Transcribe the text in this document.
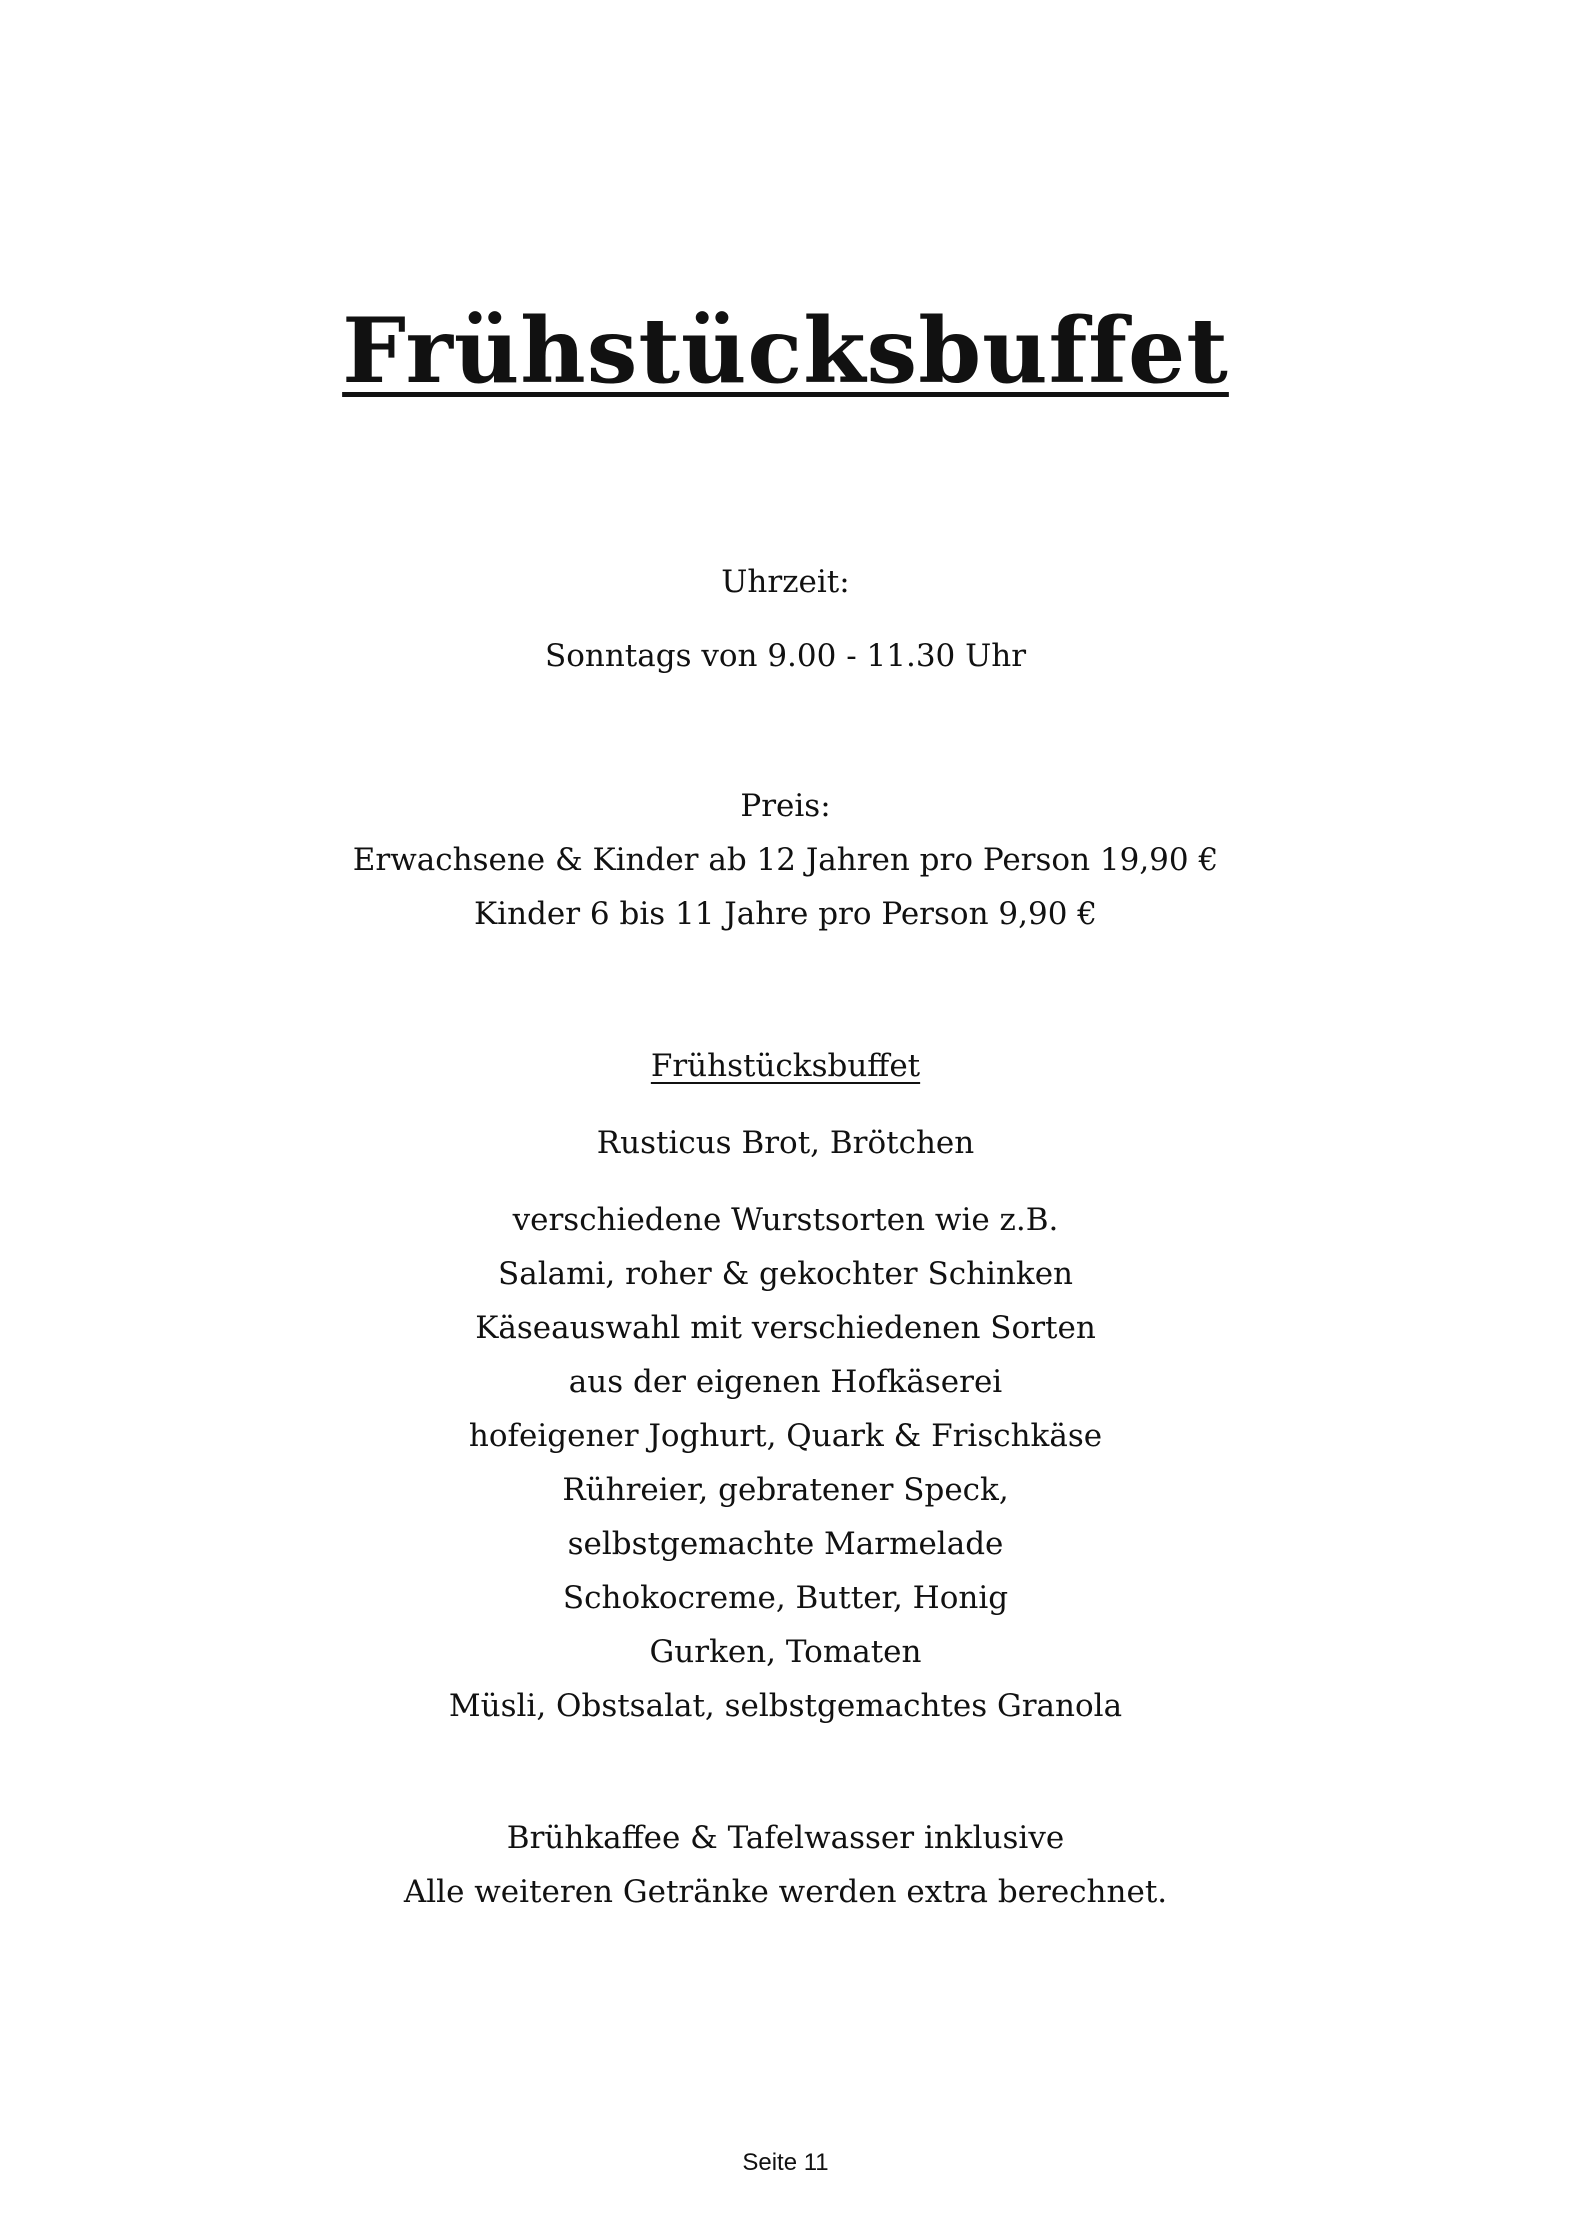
Frühstücksbuffet
Uhrzeit:
Sonntags von 9.00 - 11.30 Uhr
Preis:
Erwachsene & Kinder ab 12 Jahren pro Person 19,90 €
Kinder 6 bis 11 Jahre pro Person 9,90 €
Frühstücksbuffet
Rusticus Brot, Brötchen
verschiedene Wurstsorten wie z.B.
Salami, roher & gekochter Schinken
Käseauswahl mit verschiedenen Sorten
aus der eigenen Hofkäserei
hofeigener Joghurt, Quark & Frischkäse
Rühreier, gebratener Speck,
selbstgemachte Marmelade
Schokocreme, Butter, Honig
Gurken, Tomaten
Müsli, Obstsalat, selbstgemachtes Granola
Brühkaffee & Tafelwasser inklusive
Alle weiteren Getränke werden extra berechnet.
Seite 11
